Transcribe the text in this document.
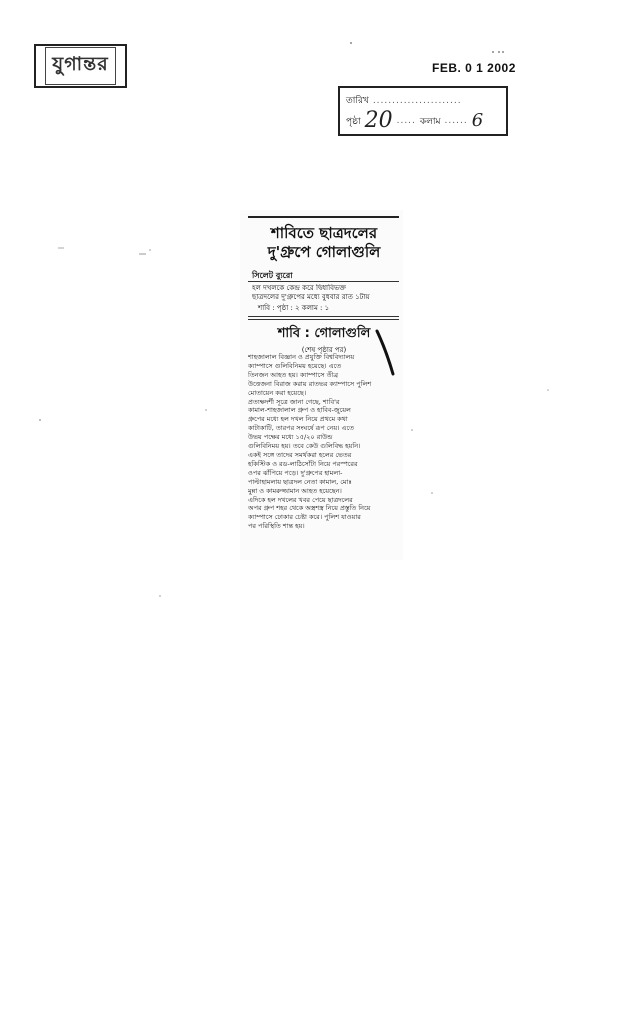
যুগান্তর	FEB. 0 1 2002
তারিখ .......................
পৃষ্ঠা 20 ..... কলাম ...... 6
শাবিতে ছাত্রদলের
দু'গ্রুপে গোলাগুলি
সিলেট ব্যুরো

হল দখলকে কেন্দ্র করে দ্বিধাবিভক্ত

ছাত্রদলের দু'গ্রুপের মধ্যে বুধবার রাত ১টায়

শাবি : পৃষ্ঠা : ২ কলাম : ১
শাবি : গোলাগুলি
(শেষ পৃষ্ঠার পর)

শাহজালাল বিজ্ঞান ও প্রযুক্তি বিশ্ববিদ্যালয়

ক্যাম্পাসে গুলিবিনিময় হয়েছে। এতে

তিনজন আহত হয়। ক্যাম্পাসে তীব্র

উত্তেজনা বিরাজ করায় রাতভর ক্যাম্পাসে পুলিশ

মোতায়েন করা হয়েছে।

প্রত্যক্ষদর্শী সূত্রে জানা গেছে, শাবি'র

কামাল-শাহজালাল গ্রুপ ও হাবিব-জুয়েল

গ্রুপের মধ্যে হল দখল নিয়ে প্রথমে কথা

কাটাকাটি, তারপর সংঘর্ষে রূপ নেয়। এতে

উভয় পক্ষের মধ্যে ১৫/২০ রাউন্ড

গুলিবিনিময় হয়। তবে কেউ গুলিবিদ্ধ হয়নি।

একই সঙ্গে তাদের সমর্থকরা হলের ভেতর

হকিস্টিক ও রড-লাঠিসোঁটা নিয়ে পরস্পরের

ওপর ঝাঁপিয়ে পড়ে। দু'গ্রুপের হামলা-

পাল্টাহামলায় ছাত্রদল নেতা কামাল, মোঃ

মুন্না ও কামরুজ্জামান আহত হয়েছেন।

এদিকে হল দখলের খবর পেয়ে ছাত্রদলের

অপর গ্রুপ শহর থেকে অস্ত্রশস্ত্র নিয়ে প্রস্তুতি নিয়ে

ক্যাম্পাসে ঢোকার চেষ্টা করে। পুলিশ যাওয়ার

পর পরিস্থিতি শান্ত হয়।
